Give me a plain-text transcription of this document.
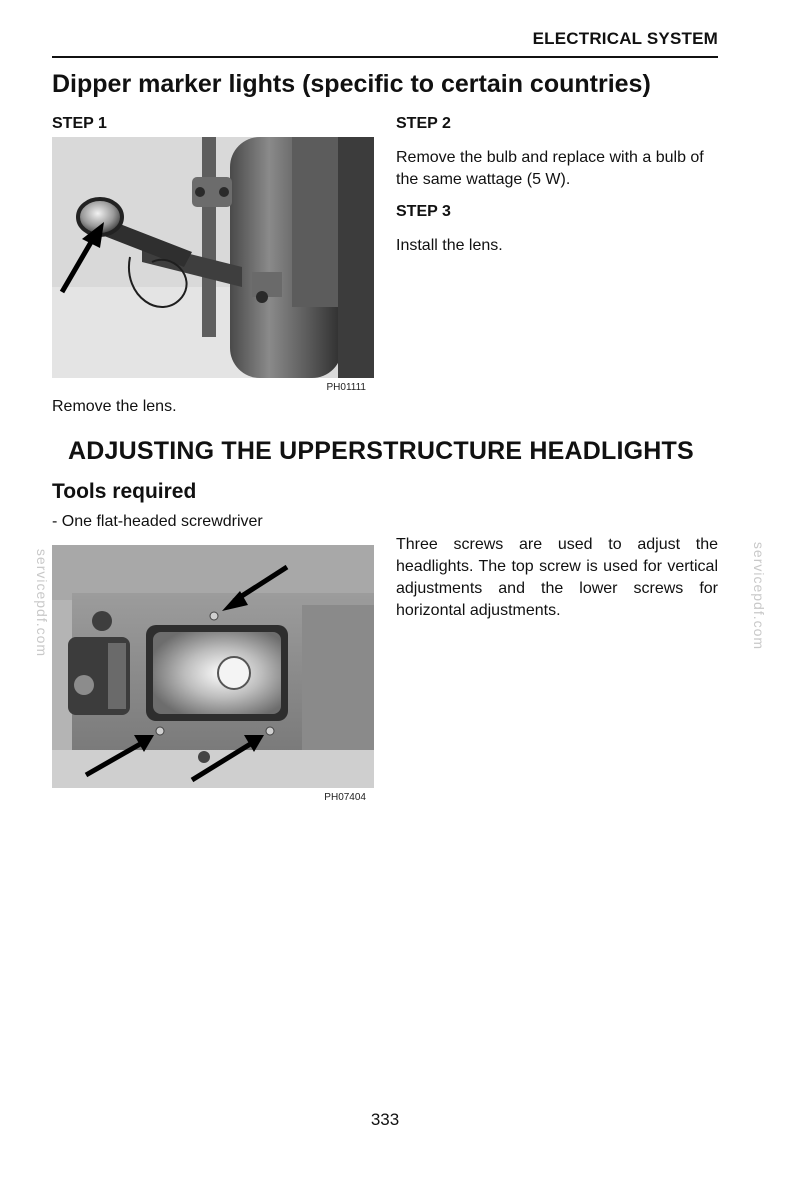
ELECTRICAL SYSTEM
Dipper marker lights (specific to certain countries)
STEP 1
PH01111
Remove the lens.
STEP 2
Remove the bulb and replace with a bulb of the same wattage (5 W).
STEP 3
Install the lens.
ADJUSTING THE UPPERSTRUCTURE HEADLIGHTS
Tools required
- One flat-headed screwdriver
PH07404
Three screws are used to adjust the headlights. The top screw is used for vertical adjustments and the lower screws for horizontal adjustments.
servicepdf.com	servicepdf.com
333
